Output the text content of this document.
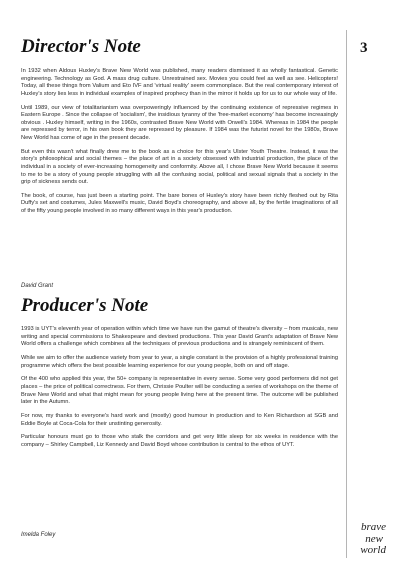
3
Director's Note

In 1932 when Aldous Huxley's Brave New World was published, many readers dismissed it as wholly fantastical. Genetic engineering. Technology as God. A mass drug culture. Unrestrained sex. Movies you could feel as well as see. Helicopters! Today, all these things from Valium and Eto IVF and 'virtual reality' seem commonplace. But the real contemporary interest of Huxley's story lies less in individual examples of inspired prophecy than in the mirror it holds up for us to our whole way of life.

Until 1989, our view of totalitarianism was overpoweringly influenced by the continuing existence of repressive regimes in Eastern Europe . Since the collapse of 'socialism', the insidious tyranny of the 'free-market economy' has become increasingly obvious . Huxley himself, writing in the 1960s, contrasted Brave New World with Orwell's 1984. Whereas in 1984 the people are repressed by terror, in his own book they are repressed by pleasure. If 1984 was the futurist novel for the 1980s, Brave New World has come of age in the present decade.

But even this wasn't what finally drew me to the book as a choice for this year's Ulster Youth Theatre. Instead, it was the story's philosophical and social themes – the place of art in a society obsessed with industrial production, the place of the individual in a society of ever-increasing homogeneity and conformity. Above all, I chose Brave New World because it seems to me to be a story of young people struggling with all the confusing social, political and sexual signals that a society in the grip of sickness sends out.

The book, of course, has just been a starting point. The bare bones of Huxley's story have been richly fleshed out by Rita Duffy's set and costumes, Jules Maxwell's music, David Boyd's choreography, and above all, by the fertile imaginations of all of the fifty young people involved in so many different ways in this year's production.

David Grant
Producer's Note

1993 is UYT's eleventh year of operation within which time we have run the gamut of theatre's diversity – from musicals, new writing and special commissions to Shakespeare and devised productions. This year David Grant's adaptation of Brave New World offers a challenge which combines all the techniques of previous productions and is strangely reminiscent of them.

While we aim to offer the audience variety from year to year, a single constant is the provision of a highly professional training programme which offers the best possible learning experience for our young people, both on and off stage.

Of the 400 who applied this year, the 50+ company is representative in every sense. Some very good performers did not get places – the price of political correctness. For them, Chrissie Poulter will be conducting a series of workshops on the theme of Brave New World and what that might mean for young people living here at the present time. The outcome will be published later in the Autumn.

For now, my thanks to everyone's hard work and (mostly) good humour in production and to Ken Richardson at SGB and Eddie Boyle at Coca-Cola for their unstinting generosity.

Particular honours must go to those who stalk the corridors and get very little sleep for six weeks in residence with the company – Shirley Campbell, Liz Kennedy and David Boyd whose contribution is central to the ethos of UYT.

Imelda Foley
brave
new
world
